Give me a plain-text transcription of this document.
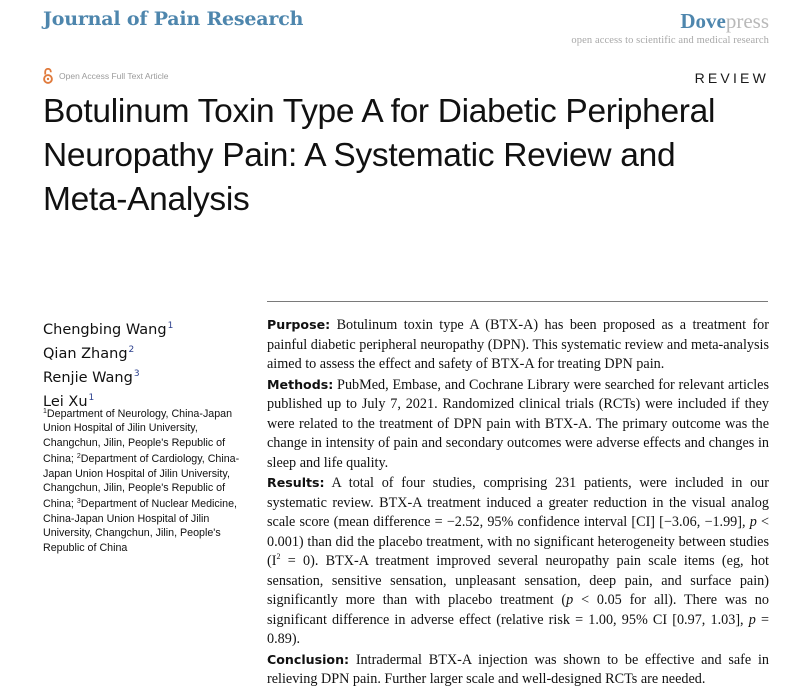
Journal of Pain Research	Dovepress
open access to scientific and medical research
Open Access Full Text Article	REVIEW
Botulinum Toxin Type A for Diabetic Peripheral
Neuropathy Pain: A Systematic Review and
Meta-Analysis
Chengbing Wang$^1$
Qian Zhang$^2$
Renjie Wang$^3$
Lei Xu$^1$
$^1$Department of Neurology, China-Japan Union Hospital of Jilin University, Changchun, Jilin, People's Republic of China; $^2$Department of Cardiology, China-Japan Union Hospital of Jilin University, Changchun, Jilin, People's Republic of China; $^3$Department of Nuclear Medicine, China-Japan Union Hospital of Jilin University, Changchun, Jilin, People's Republic of China

Purpose: Botulinum toxin type A (BTX-A) has been proposed as a treatment for painful diabetic peripheral neuropathy (DPN). This systematic review and meta-analysis aimed to assess the effect and safety of BTX-A for treating DPN pain.

Methods: PubMed, Embase, and Cochrane Library were searched for relevant articles published up to July 7, 2021. Randomized clinical trials (RCTs) were included if they were related to the treatment of DPN pain with BTX-A. The primary outcome was the change in intensity of pain and secondary outcomes were adverse effects and changes in sleep and life quality.

Results: A total of four studies, comprising 231 patients, were included in our systematic review. BTX-A treatment induced a greater reduction in the visual analog scale score (mean difference = −2.52, 95% confidence interval [CI] [−3.06, −1.99], p < 0.001) than did the placebo treatment, with no significant heterogeneity between studies $(I^2 = 0)$. BTX-A treatment improved several neuropathy pain scale items (eg, hot sensation, sensitive sensation, unpleasant sensation, deep pain, and surface pain) significantly more than with placebo treatment (p < 0.05 for all). There was no significant difference in adverse effect (relative risk = 1.00, 95% CI [0.97, 1.03], p = 0.89).

Conclusion: Intradermal BTX-A injection was shown to be effective and safe in relieving DPN pain. Further larger scale and well-designed RCTs are needed.
